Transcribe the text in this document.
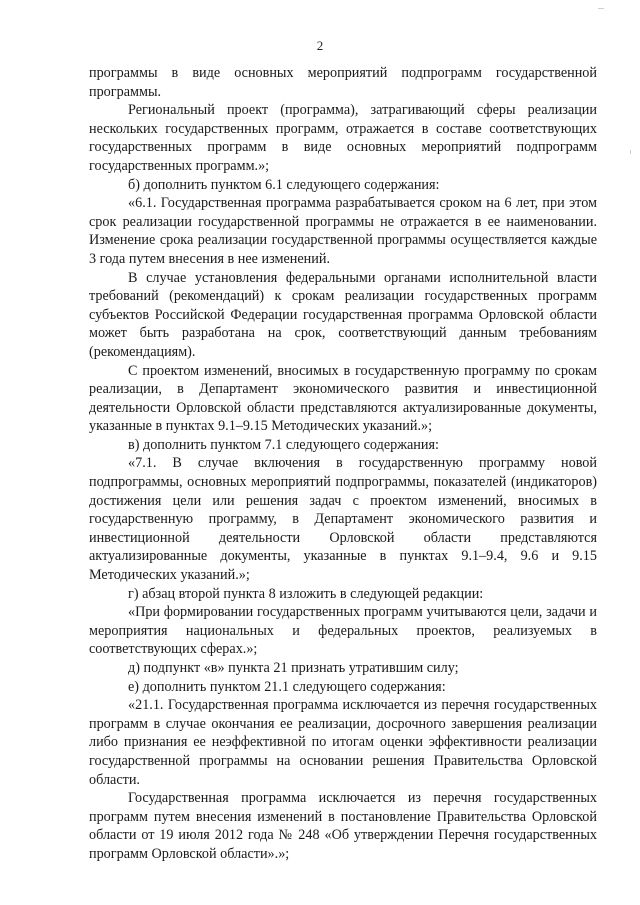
2

программы в виде основных мероприятий подпрограмм государственной программы.

Региональный проект (программа), затрагивающий сферы реализации нескольких государственных программ, отражается в составе соответствующих государственных программ в виде основных мероприятий подпрограмм государственных программ.»;

б) дополнить пунктом 6.1 следующего содержания:

«6.1. Государственная программа разрабатывается сроком на 6 лет, при этом срок реализации государственной программы не отражается в ее наименовании. Изменение срока реализации государственной программы осуществляется каждые 3 года путем внесения в нее изменений.

В случае установления федеральными органами исполнительной власти требований (рекомендаций) к срокам реализации государственных программ субъектов Российской Федерации государственная программа Орловской области может быть разработана на срок, соответствующий данным требованиям (рекомендациям).

С проектом изменений, вносимых в государственную программу по срокам реализации, в Департамент экономического развития и инвестиционной деятельности Орловской области представляются актуализированные документы, указанные в пунктах 9.1–9.15 Методических указаний.»;

в) дополнить пунктом 7.1 следующего содержания:

«7.1. В случае включения в государственную программу новой подпрограммы, основных мероприятий подпрограммы, показателей (индикаторов) достижения цели или решения задач с проектом изменений, вносимых в государственную программу, в Департамент экономического развития и инвестиционной деятельности Орловской области представляются актуализированные документы, указанные в пунктах 9.1–9.4, 9.6 и 9.15 Методических указаний.»;

г) абзац второй пункта 8 изложить в следующей редакции:

«При формировании государственных программ учитываются цели, задачи и мероприятия национальных и федеральных проектов, реализуемых в соответствующих сферах.»;

д) подпункт «в» пункта 21 признать утратившим силу;

е) дополнить пунктом 21.1 следующего содержания:

«21.1. Государственная программа исключается из перечня государственных программ в случае окончания ее реализации, досрочного завершения реализации либо признания ее неэффективной по итогам оценки эффективности реализации государственной программы на основании решения Правительства Орловской области.

Государственная программа исключается из перечня государственных программ путем внесения изменений в постановление Правительства Орловской области от 19 июля 2012 года № 248 «Об утверждении Перечня государственных программ Орловской области».»;
